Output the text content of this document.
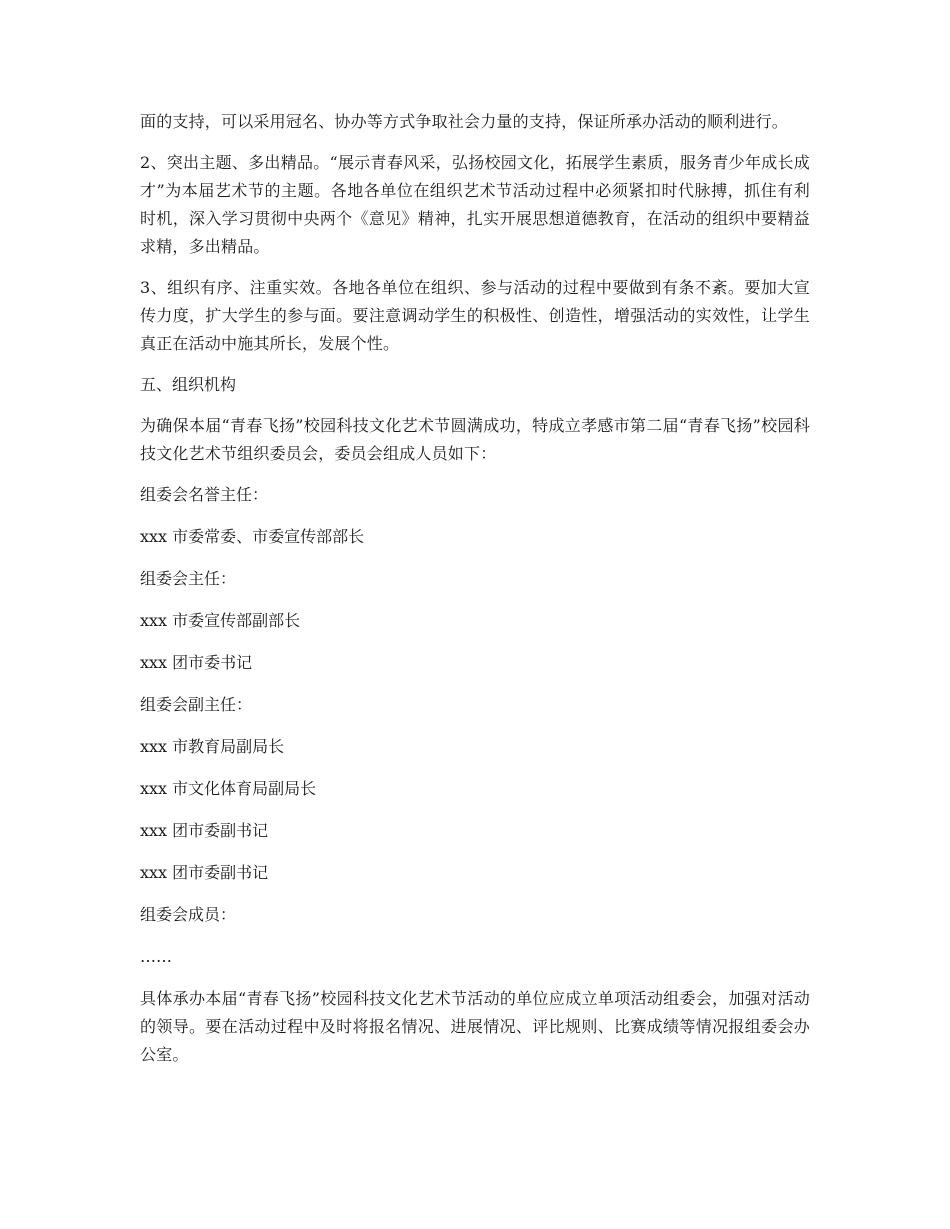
面的支持，可以采用冠名、协办等方式争取社会力量的支持，保证所承办活动的顺利进行。

2、突出主题、多出精品。“展示青春风采，弘扬校园文化，拓展学生素质，服务青少年成长成才”为本届艺术节的主题。各地各单位在组织艺术节活动过程中必须紧扣时代脉搏，抓住有利时机，深入学习贯彻中央两个《意见》精神，扎实开展思想道德教育，在活动的组织中要精益求精，多出精品。

3、组织有序、注重实效。各地各单位在组织、参与活动的过程中要做到有条不紊。要加大宣传力度，扩大学生的参与面。要注意调动学生的积极性、创造性，增强活动的实效性，让学生真正在活动中施其所长，发展个性。

五、组织机构

为确保本届“青春飞扬”校园科技文化艺术节圆满成功，特成立孝感市第二届“青春飞扬”校园科技文化艺术节组织委员会，委员会组成人员如下：

组委会名誉主任：

xxx 市委常委、市委宣传部部长

组委会主任：

xxx 市委宣传部副部长

xxx 团市委书记

组委会副主任：

xxx 市教育局副局长

xxx 市文化体育局副局长

xxx 团市委副书记

xxx 团市委副书记

组委会成员：

……

具体承办本届“青春飞扬”校园科技文化艺术节活动的单位应成立单项活动组委会，加强对活动的领导。要在活动过程中及时将报名情况、进展情况、评比规则、比赛成绩等情况报组委会办公室。
